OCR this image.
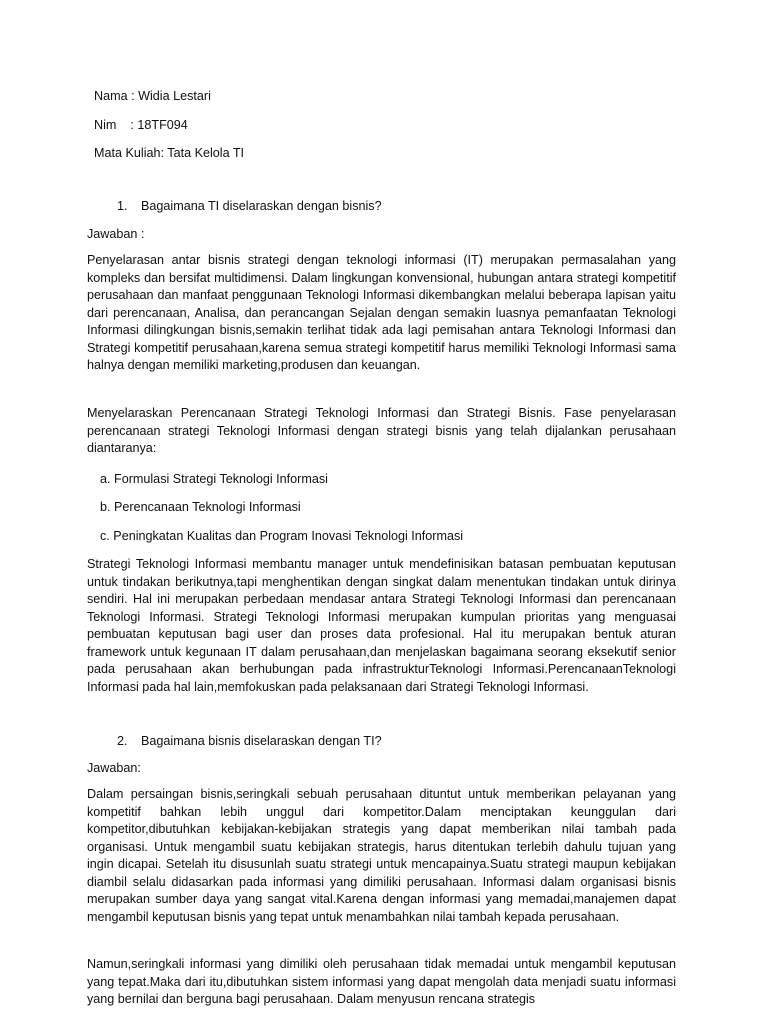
Nama : Widia Lestari

Nim    : 18TF094

Mata Kuliah: Tata Kelola TI

1. Bagaimana TI diselaraskan dengan bisnis?

Jawaban :

Penyelarasan antar bisnis strategi dengan teknologi informasi (IT) merupakan permasalahan yang kompleks dan bersifat multidimensi. Dalam lingkungan konvensional, hubungan antara strategi kompetitif perusahaan dan manfaat penggunaan Teknologi Informasi dikembangkan melalui beberapa lapisan yaitu dari perencanaan, Analisa, dan perancangan Sejalan dengan semakin luasnya pemanfaatan Teknologi Informasi dilingkungan bisnis,semakin terlihat tidak ada lagi pemisahan antara Teknologi Informasi dan Strategi kompetitif perusahaan,karena semua strategi kompetitif harus memiliki Teknologi Informasi sama halnya dengan memiliki marketing,produsen dan keuangan.

Menyelaraskan Perencanaan Strategi Teknologi Informasi dan Strategi Bisnis. Fase penyelarasan perencanaan strategi Teknologi Informasi dengan strategi bisnis yang telah dijalankan perusahaan diantaranya:

a. Formulasi Strategi Teknologi Informasi

b. Perencanaan Teknologi Informasi

c. Peningkatan Kualitas dan Program Inovasi Teknologi Informasi

Strategi Teknologi Informasi membantu manager untuk mendefinisikan batasan pembuatan keputusan untuk tindakan berikutnya,tapi menghentikan dengan singkat dalam menentukan tindakan untuk dirinya sendiri. Hal ini merupakan perbedaan mendasar antara Strategi Teknologi Informasi dan perencanaan Teknologi Informasi. Strategi Teknologi Informasi merupakan kumpulan prioritas yang menguasai pembuatan keputusan bagi user dan proses data profesional. Hal itu merupakan bentuk aturan framework untuk kegunaan IT dalam perusahaan,dan menjelaskan bagaimana seorang eksekutif senior pada perusahaan akan berhubungan pada infrastrukturTeknologi Informasi.PerencanaanTeknologi Informasi pada hal lain,memfokuskan pada pelaksanaan dari Strategi Teknologi Informasi.

2. Bagaimana bisnis diselaraskan dengan TI?

Jawaban:

Dalam persaingan bisnis,seringkali sebuah perusahaan dituntut untuk memberikan pelayanan yang kompetitif bahkan lebih unggul dari kompetitor.Dalam menciptakan keunggulan dari kompetitor,dibutuhkan kebijakan-kebijakan strategis yang dapat memberikan nilai tambah pada organisasi. Untuk mengambil suatu kebijakan strategis, harus ditentukan terlebih dahulu tujuan yang ingin dicapai. Setelah itu disusunlah suatu strategi untuk mencapainya.Suatu strategi maupun kebijakan diambil selalu didasarkan pada informasi yang dimiliki perusahaan. Informasi dalam organisasi bisnis merupakan sumber daya yang sangat vital.Karena dengan informasi yang memadai,manajemen dapat mengambil keputusan bisnis yang tepat untuk menambahkan nilai tambah kepada perusahaan.

Namun,seringkali informasi yang dimiliki oleh perusahaan tidak memadai untuk mengambil keputusan yang tepat.Maka dari itu,dibutuhkan sistem informasi yang dapat mengolah data menjadi suatu informasi yang bernilai dan berguna bagi perusahaan. Dalam menyusun rencana strategis
